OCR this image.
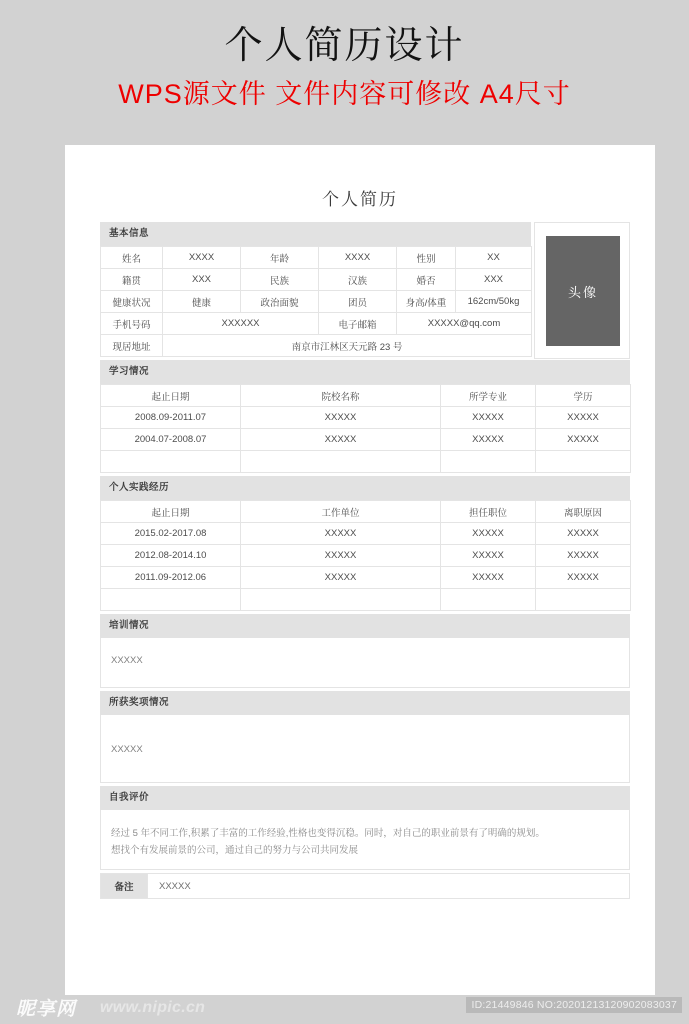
个人简历设计
WPS源文件 文件内容可修改 A4尺寸
个人简历
基本信息
姓名	XXXX	年龄	XXXX	性别	XX
籍贯	XXX	民族	汉族	婚否	XXX
健康状况	健康	政治面貌	团员	身高/体重	162cm/50kg
手机号码	XXXXXX		电子邮箱	XXXXX@qq.com	
现居地址	南京市江林区天元路 23 号				
头像
学习情况
起止日期	院校名称	所学专业	学历
2008.09-2011.07	XXXXX	XXXXX	XXXXX
2004.07-2008.07	XXXXX	XXXXX	XXXXX

个人实践经历
起止日期	工作单位	担任职位	离职原因
2015.02-2017.08	XXXXX	XXXXX	XXXXX
2012.08-2014.10	XXXXX	XXXXX	XXXXX
2011.09-2012.06	XXXXX	XXXXX	XXXXX

培训情况

XXXXX

所获奖项情况

XXXXX

自我评价

经过 5 年不同工作,积累了丰富的工作经验,性格也变得沉稳。同时，对自己的职业前景有了明确的规划。

想找个有发展前景的公司，通过自己的努力与公司共同发展

备注	XXXXX
昵享网 www.nipic.cn	ID:21449846 NO:20201213120902083037
